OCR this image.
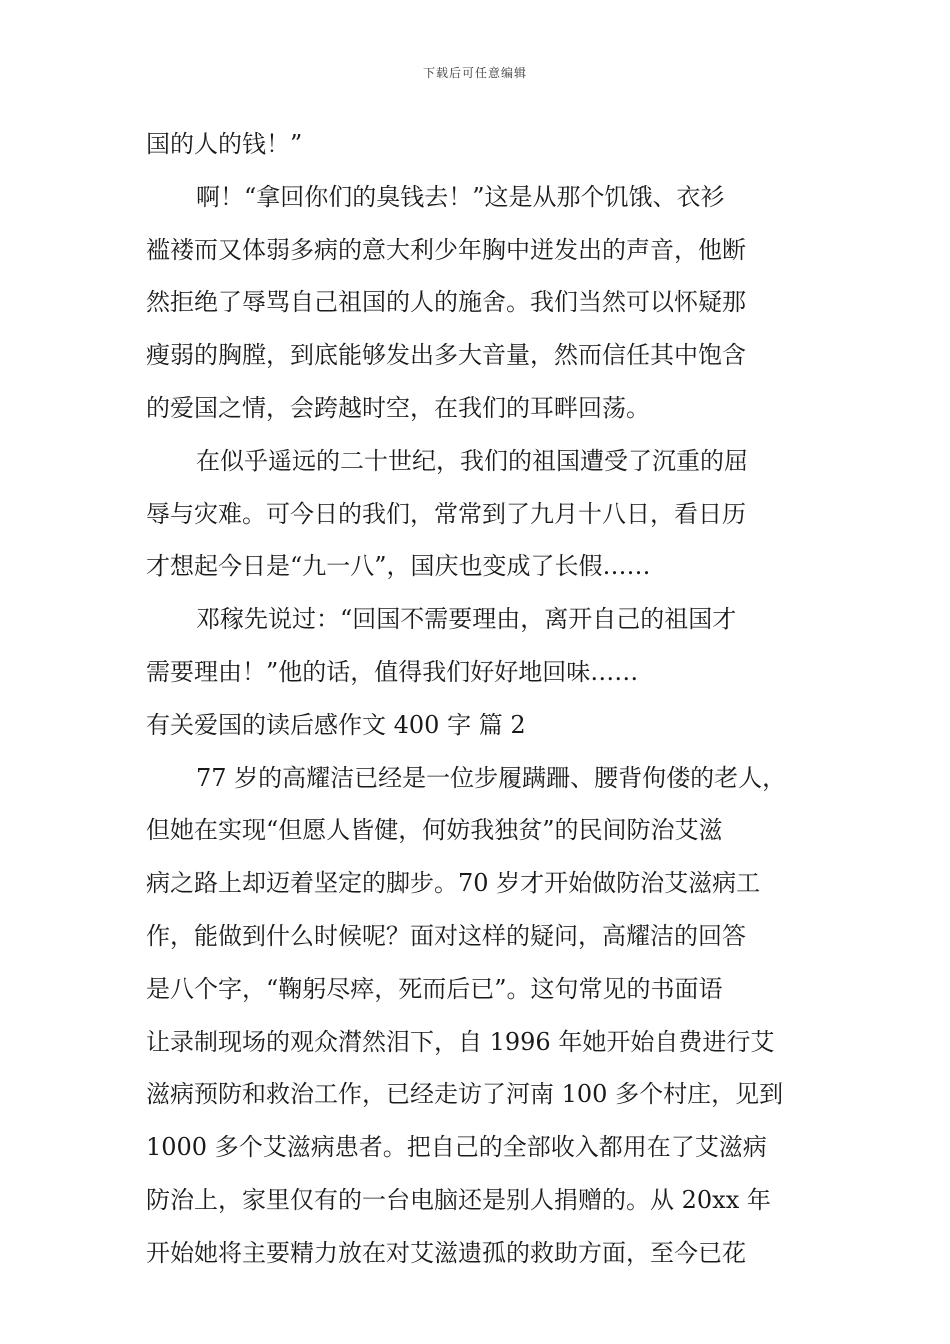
下载后可任意编辑
国的人的钱！”
啊！“拿回你们的臭钱去！”这是从那个饥饿、衣衫
褴褛而又体弱多病的意大利少年胸中迸发出的声音，他断
然拒绝了辱骂自己祖国的人的施舍。我们当然可以怀疑那
瘦弱的胸膛，到底能够发出多大音量，然而信任其中饱含
的爱国之情，会跨越时空，在我们的耳畔回荡。
在似乎遥远的二十世纪，我们的祖国遭受了沉重的屈
辱与灾难。可今日的我们，常常到了九月十八日，看日历
才想起今日是“九一八”，国庆也变成了长假……
邓稼先说过：“回国不需要理由，离开自己的祖国才
需要理由！”他的话，值得我们好好地回味……
有关爱国的读后感作文 400 字 篇 2
77 岁的高耀洁已经是一位步履蹒跚、腰背佝偻的老人，
但她在实现“但愿人皆健，何妨我独贫”的民间防治艾滋
病之路上却迈着坚定的脚步。70 岁才开始做防治艾滋病工
作，能做到什么时候呢？面对这样的疑问，高耀洁的回答
是八个字，“鞠躬尽瘁，死而后已”。这句常见的书面语
让录制现场的观众潸然泪下，自 1996 年她开始自费进行艾
滋病预防和救治工作，已经走访了河南 100 多个村庄，见到
1000 多个艾滋病患者。把自己的全部收入都用在了艾滋病
防治上，家里仅有的一台电脑还是别人捐赠的。从 20xx 年
开始她将主要精力放在对艾滋遗孤的救助方面，至今已花
